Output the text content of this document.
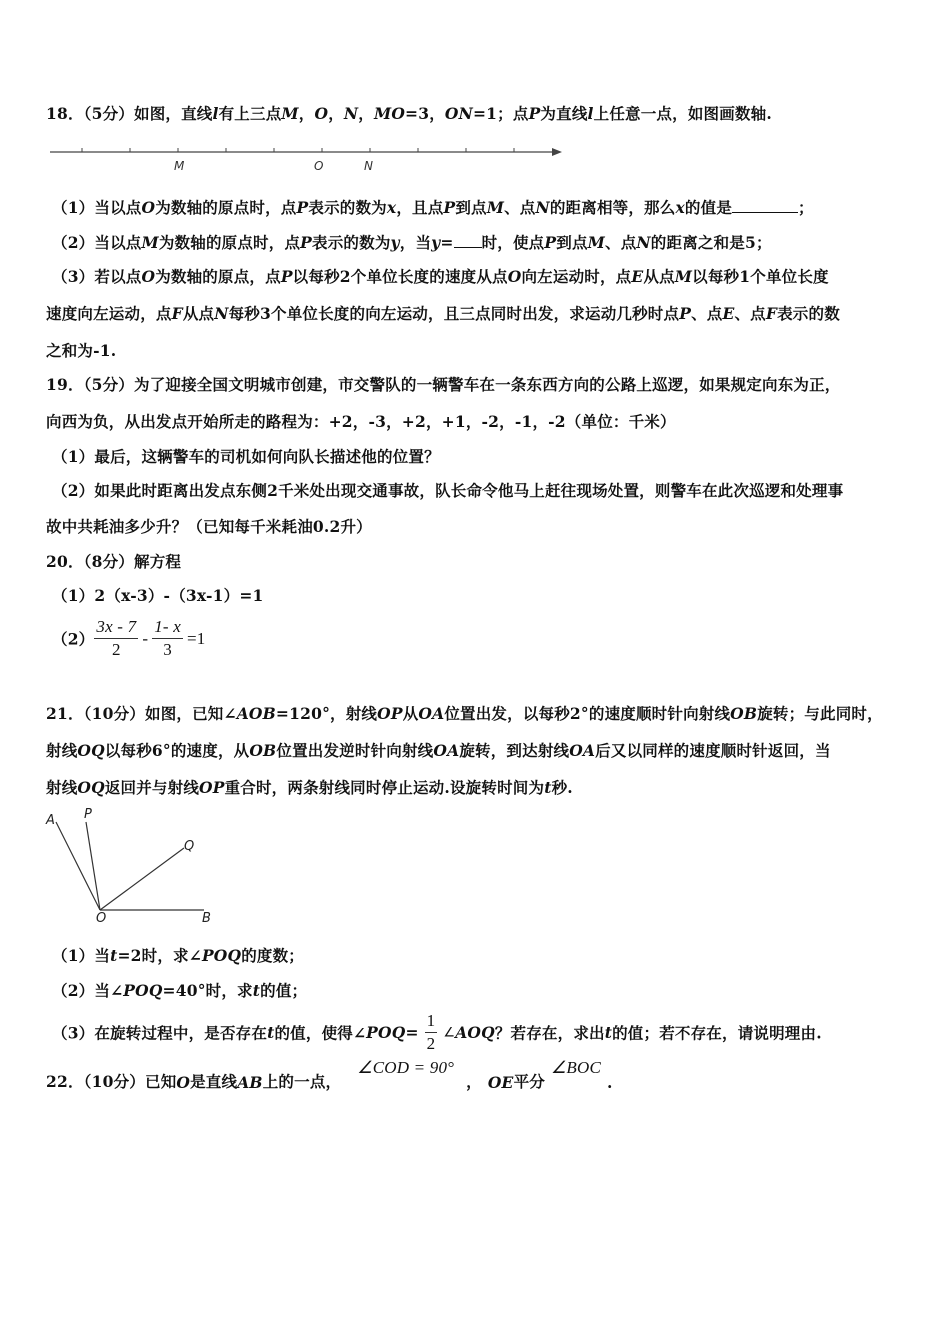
18．（5分）如图，直线l有上三点M，O，N，MO=3，ON=1；点P为直线l上任意一点，如图画数轴.
M	O	N
（1）当以点O为数轴的原点时，点P表示的数为x，且点P到点M、点N的距离相等，那么x的值是	；
（2）当以点M为数轴的原点时，点P表示的数为y，当y= 时，使点P到点M、点N的距离之和是5；
（3）若以点O为数轴的原点，点P以每秒2个单位长度的速度从点O向左运动时，点E从点M以每秒1个单位长度
速度向左运动，点F从点N每秒3个单位长度的向左运动，且三点同时出发，求运动几秒时点P、点E、点F表示的数
之和为-1.
19．（5分）为了迎接全国文明城市创建，市交警队的一辆警车在一条东西方向的公路上巡逻，如果规定向东为正，
向西为负，从出发点开始所走的路程为：+2，-3，+2，+1，-2，-1，-2（单位：千米）
（1）最后，这辆警车的司机如何向队长描述他的位置？
（2）如果此时距离出发点东侧2千米处出现交通事故，队长命令他马上赶往现场处置，则警车在此次巡逻和处理事
故中共耗油多少升？（已知每千米耗油0.2升）
20．（8分）解方程
（1）2（x-3）-（3x-1）=1
$(2) \frac{3x - 7}{2} - \frac{1- x}{3} =1$
21．（10分）如图，已知∠AOB=120°，射线OP从OA位置出发，以每秒2°的速度顺时针向射线OB旋转；与此同时，
射线OQ以每秒6°的速度，从OB位置出发逆时针向射线OA旋转，到达射线OA后又以同样的速度顺时针返回，当
射线OQ返回并与射线OP重合时，两条射线同时停止运动.设旋转时间为t秒.
A P
Q
O	B
（1）当t=2时，求∠POQ的度数；
（2）当∠POQ=40°时，求t的值；
（3）在旋转过程中，是否存在t的值，使得∠POQ= $\frac{1}{2}$ ∠AOQ？若存在，求出t的值；若不存在，请说明理由.
22．（10分）已知O是直线AB上的一点，∠COD = 90°， OE平分∠BOC.
